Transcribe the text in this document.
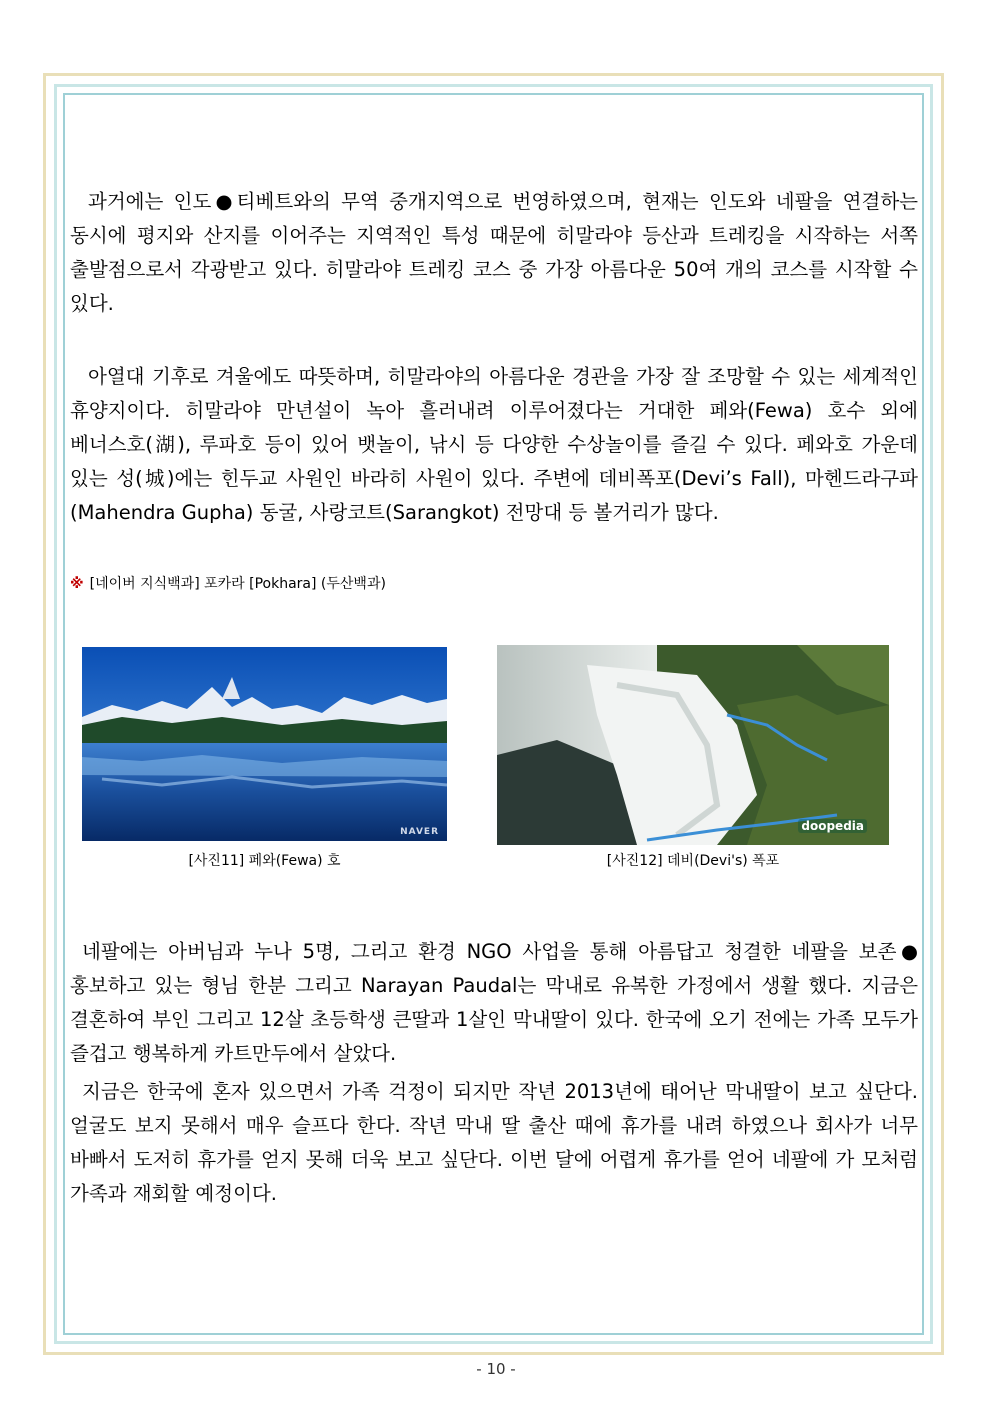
과거에는 인도●티베트와의 무역 중개지역으로 번영하였으며, 현재는 인도와 네팔을 연결하는 동시에 평지와 산지를 이어주는 지역적인 특성 때문에 히말라야 등산과 트레킹을 시작하는 서쪽 출발점으로서 각광받고 있다. 히말라야 트레킹 코스 중 가장 아름다운 50여 개의 코스를 시작할 수 있다.

아열대 기후로 겨울에도 따뜻하며, 히말라야의 아름다운 경관을 가장 잘 조망할 수 있는 세계적인 휴양지이다. 히말라야 만년설이 녹아 흘러내려 이루어졌다는 거대한 페와(Fewa) 호수 외에 베너스호(湖), 루파호 등이 있어 뱃놀이, 낚시 등 다양한 수상놀이를 즐길 수 있다. 페와호 가운데 있는 성(城)에는 힌두교 사원인 바라히 사원이 있다. 주변에 데비폭포(Devi’s Fall), 마헨드라구파(Mahendra Gupha) 동굴, 사랑코트(Sarangkot) 전망대 등 볼거리가 많다.

※ [네이버 지식백과] 포카라 [Pokhara] (두산백과)
NAVER	doopedia
[사진11] 페와(Fewa) 호	[사진12] 데비(Devi's) 폭포

네팔에는 아버님과 누나 5명, 그리고 환경 NGO 사업을 통해 아름답고 청결한 네팔을 보존●홍보하고 있는 형님 한분 그리고 Narayan Paudal는 막내로 유복한 가정에서 생활 했다. 지금은 결혼하여 부인 그리고 12살 초등학생 큰딸과 1살인 막내딸이 있다. 한국에 오기 전에는 가족 모두가 즐겁고 행복하게 카트만두에서 살았다.

지금은 한국에 혼자 있으면서 가족 걱정이 되지만 작년 2013년에 태어난 막내딸이 보고 싶단다. 얼굴도 보지 못해서 매우 슬프다 한다. 작년 막내 딸 출산 때에 휴가를 내려 하였으나 회사가 너무 바빠서 도저히 휴가를 얻지 못해 더욱 보고 싶단다. 이번 달에 어렵게 휴가를 얻어 네팔에 가 모처럼 가족과 재회할 예정이다.

- 10 -
